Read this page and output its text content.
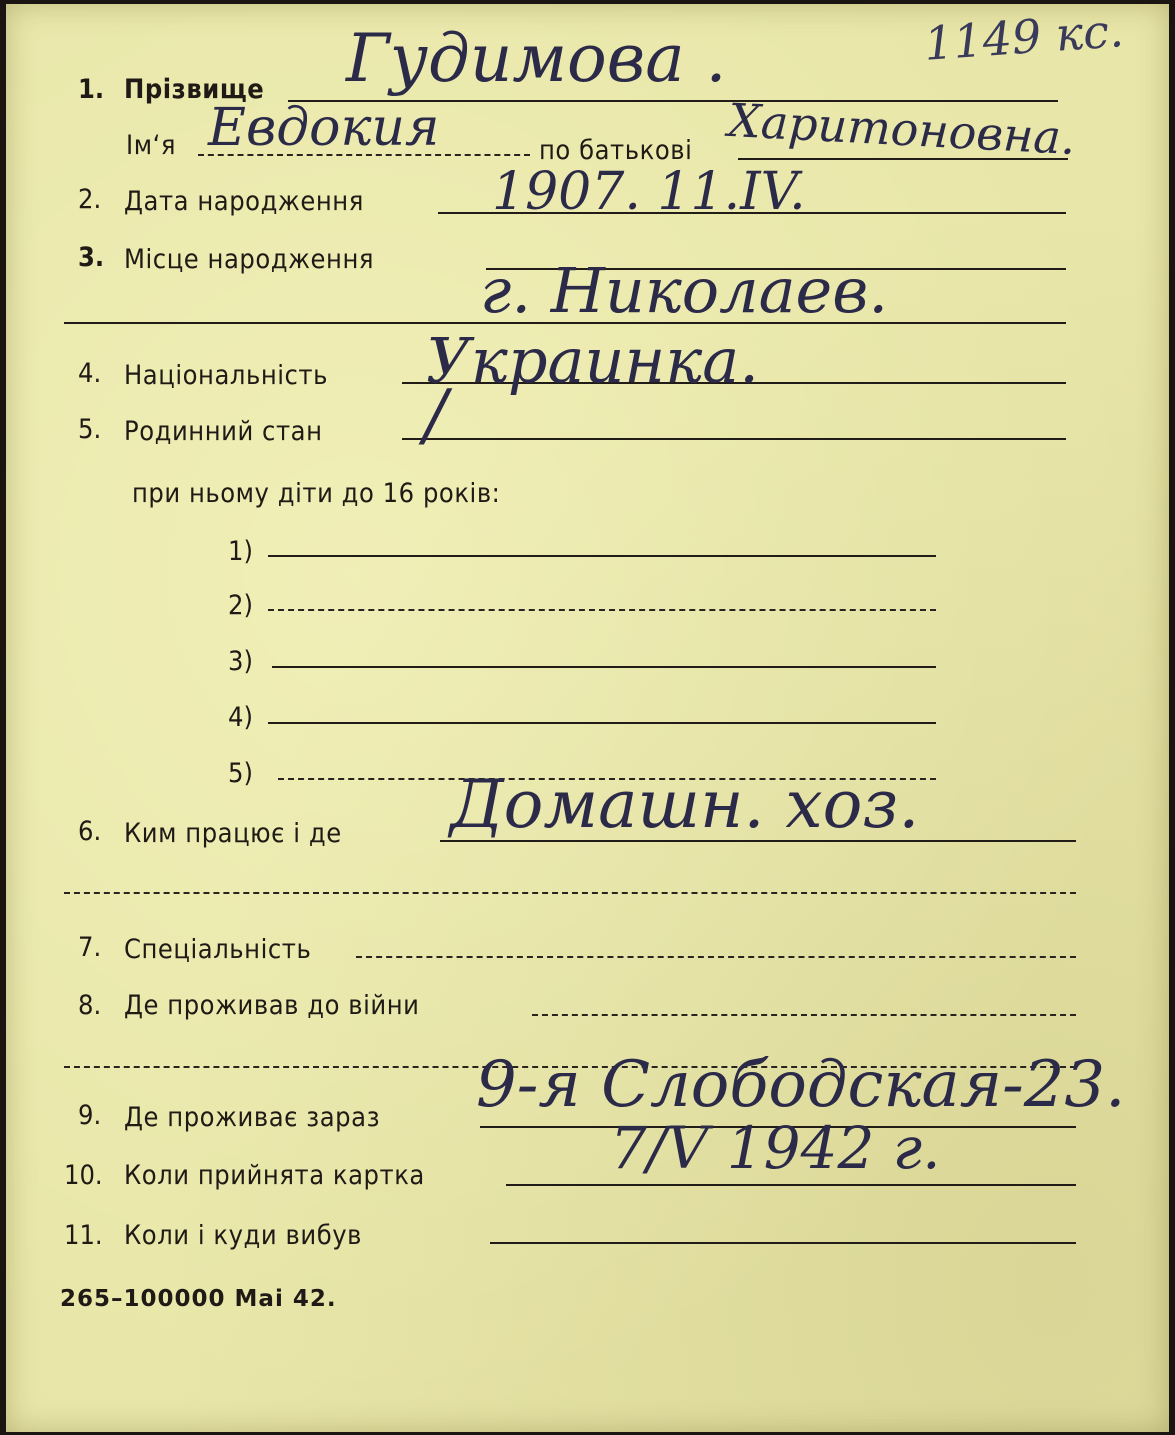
1149 кс.
1. Прізвище Гудимова .
Ім‘я Евдокия	по батькові Харитоновна.
2. Дата народження 1907. 11.IV.
3. Місце народження г. Николаев.
4. Національність Украинка.
5. Родинний стан /
при ньому діти до 16 років:
1)
2)
3)
4)
5)
6. Ким працює і де Домашн. хоз.
7. Спеціальність
8. Де проживав до війни
9. Де проживає зараз 9-я Слободская-23.
10. Коли прийнята картка	7/V 1942 г.
11. Коли і куди вибув
265–100000 Mai 42.
